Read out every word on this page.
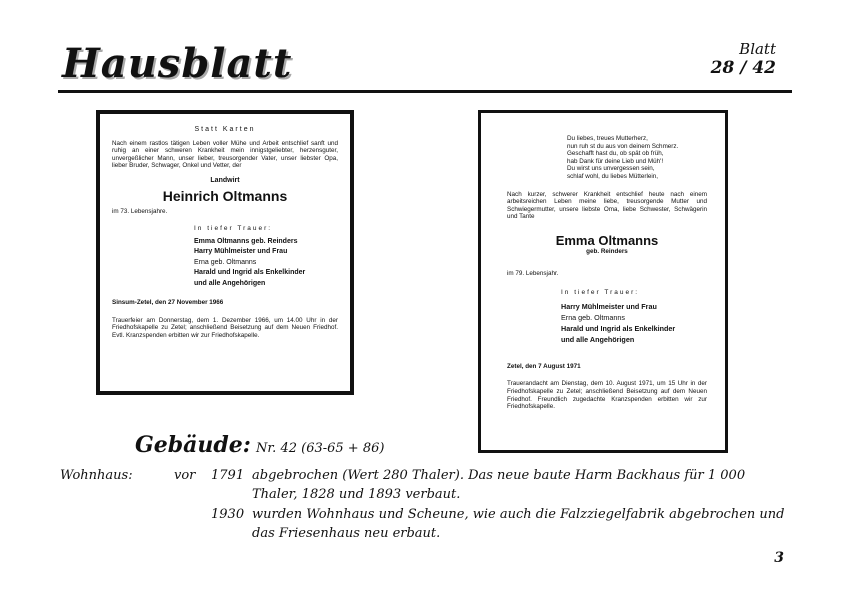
Hausblatt	Blatt
28 / 42
Statt Karten
Nach einem rastlos tätigen Leben voller Mühe und Arbeit entschlief sanft und ruhig an einer schweren Krankheit mein innigstgeliebter, herzensguter, unvergeßlicher Mann, unser lieber, treusorgender Vater, unser liebster Opa, lieber Bruder, Schwager, Onkel und Vetter, der
Landwirt
Heinrich Oltmanns
im 73. Lebensjahre.
In tiefer Trauer:
Emma Oltmanns geb. Reinders
Harry Mühlmeister und Frau
Erna geb. Oltmanns
Harald und Ingrid als Enkelkinder
und alle Angehörigen
Sinsum-Zetel, den 27 November 1966
Trauerfeier am Donnerstag, dem 1. Dezember 1966, um 14.00 Uhr in der Friedhofskapelle zu Zetel; anschließend Beisetzung auf dem Neuen Friedhof. Evtl. Kranzspenden erbitten wir zur Friedhofskapelle.
Du liebes, treues Mutterherz,
nun ruh st du aus von deinem Schmerz.
Geschafft hast du, ob spät ob früh,
hab Dank für deine Lieb und Müh'!
Du wirst uns unvergessen sein,
schlaf wohl, du liebes Mütterlein,
Nach kurzer, schwerer Krankheit entschlief heute nach einem arbeitsreichen Leben meine liebe, treusorgende Mutter und Schwiegermutter, unsere liebste Oma, liebe Schwester, Schwägerin und Tante
Emma Oltmanns
geb. Reinders
im 79. Lebensjahr.
In tiefer Trauer:
Harry Mühlmeister und Frau
Erna geb. Oltmanns
Harald und Ingrid als Enkelkinder
und alle Angehörigen
Zetel, den 7 August 1971
Trauerandacht am Dienstag, dem 10. August 1971, um 15 Uhr in der Friedhofskapelle zu Zetel; anschließend Beisetzung auf dem Neuen Friedhof. Freundlich zugedachte Kranzspenden erbitten wir zur Friedhofskapelle.
Gebäude: Nr. 42 (63-65 + 86)
Wohnhaus:	vor 1791 abgebrochen (Wert 280 Thaler). Das neue baute Harm Backhaus für 1 000
Thaler, 1828 und 1893 verbaut.
1930 wurden Wohnhaus und Scheune, wie auch die Falzziegelfabrik abgebrochen und
das Friesenhaus neu erbaut.
3
